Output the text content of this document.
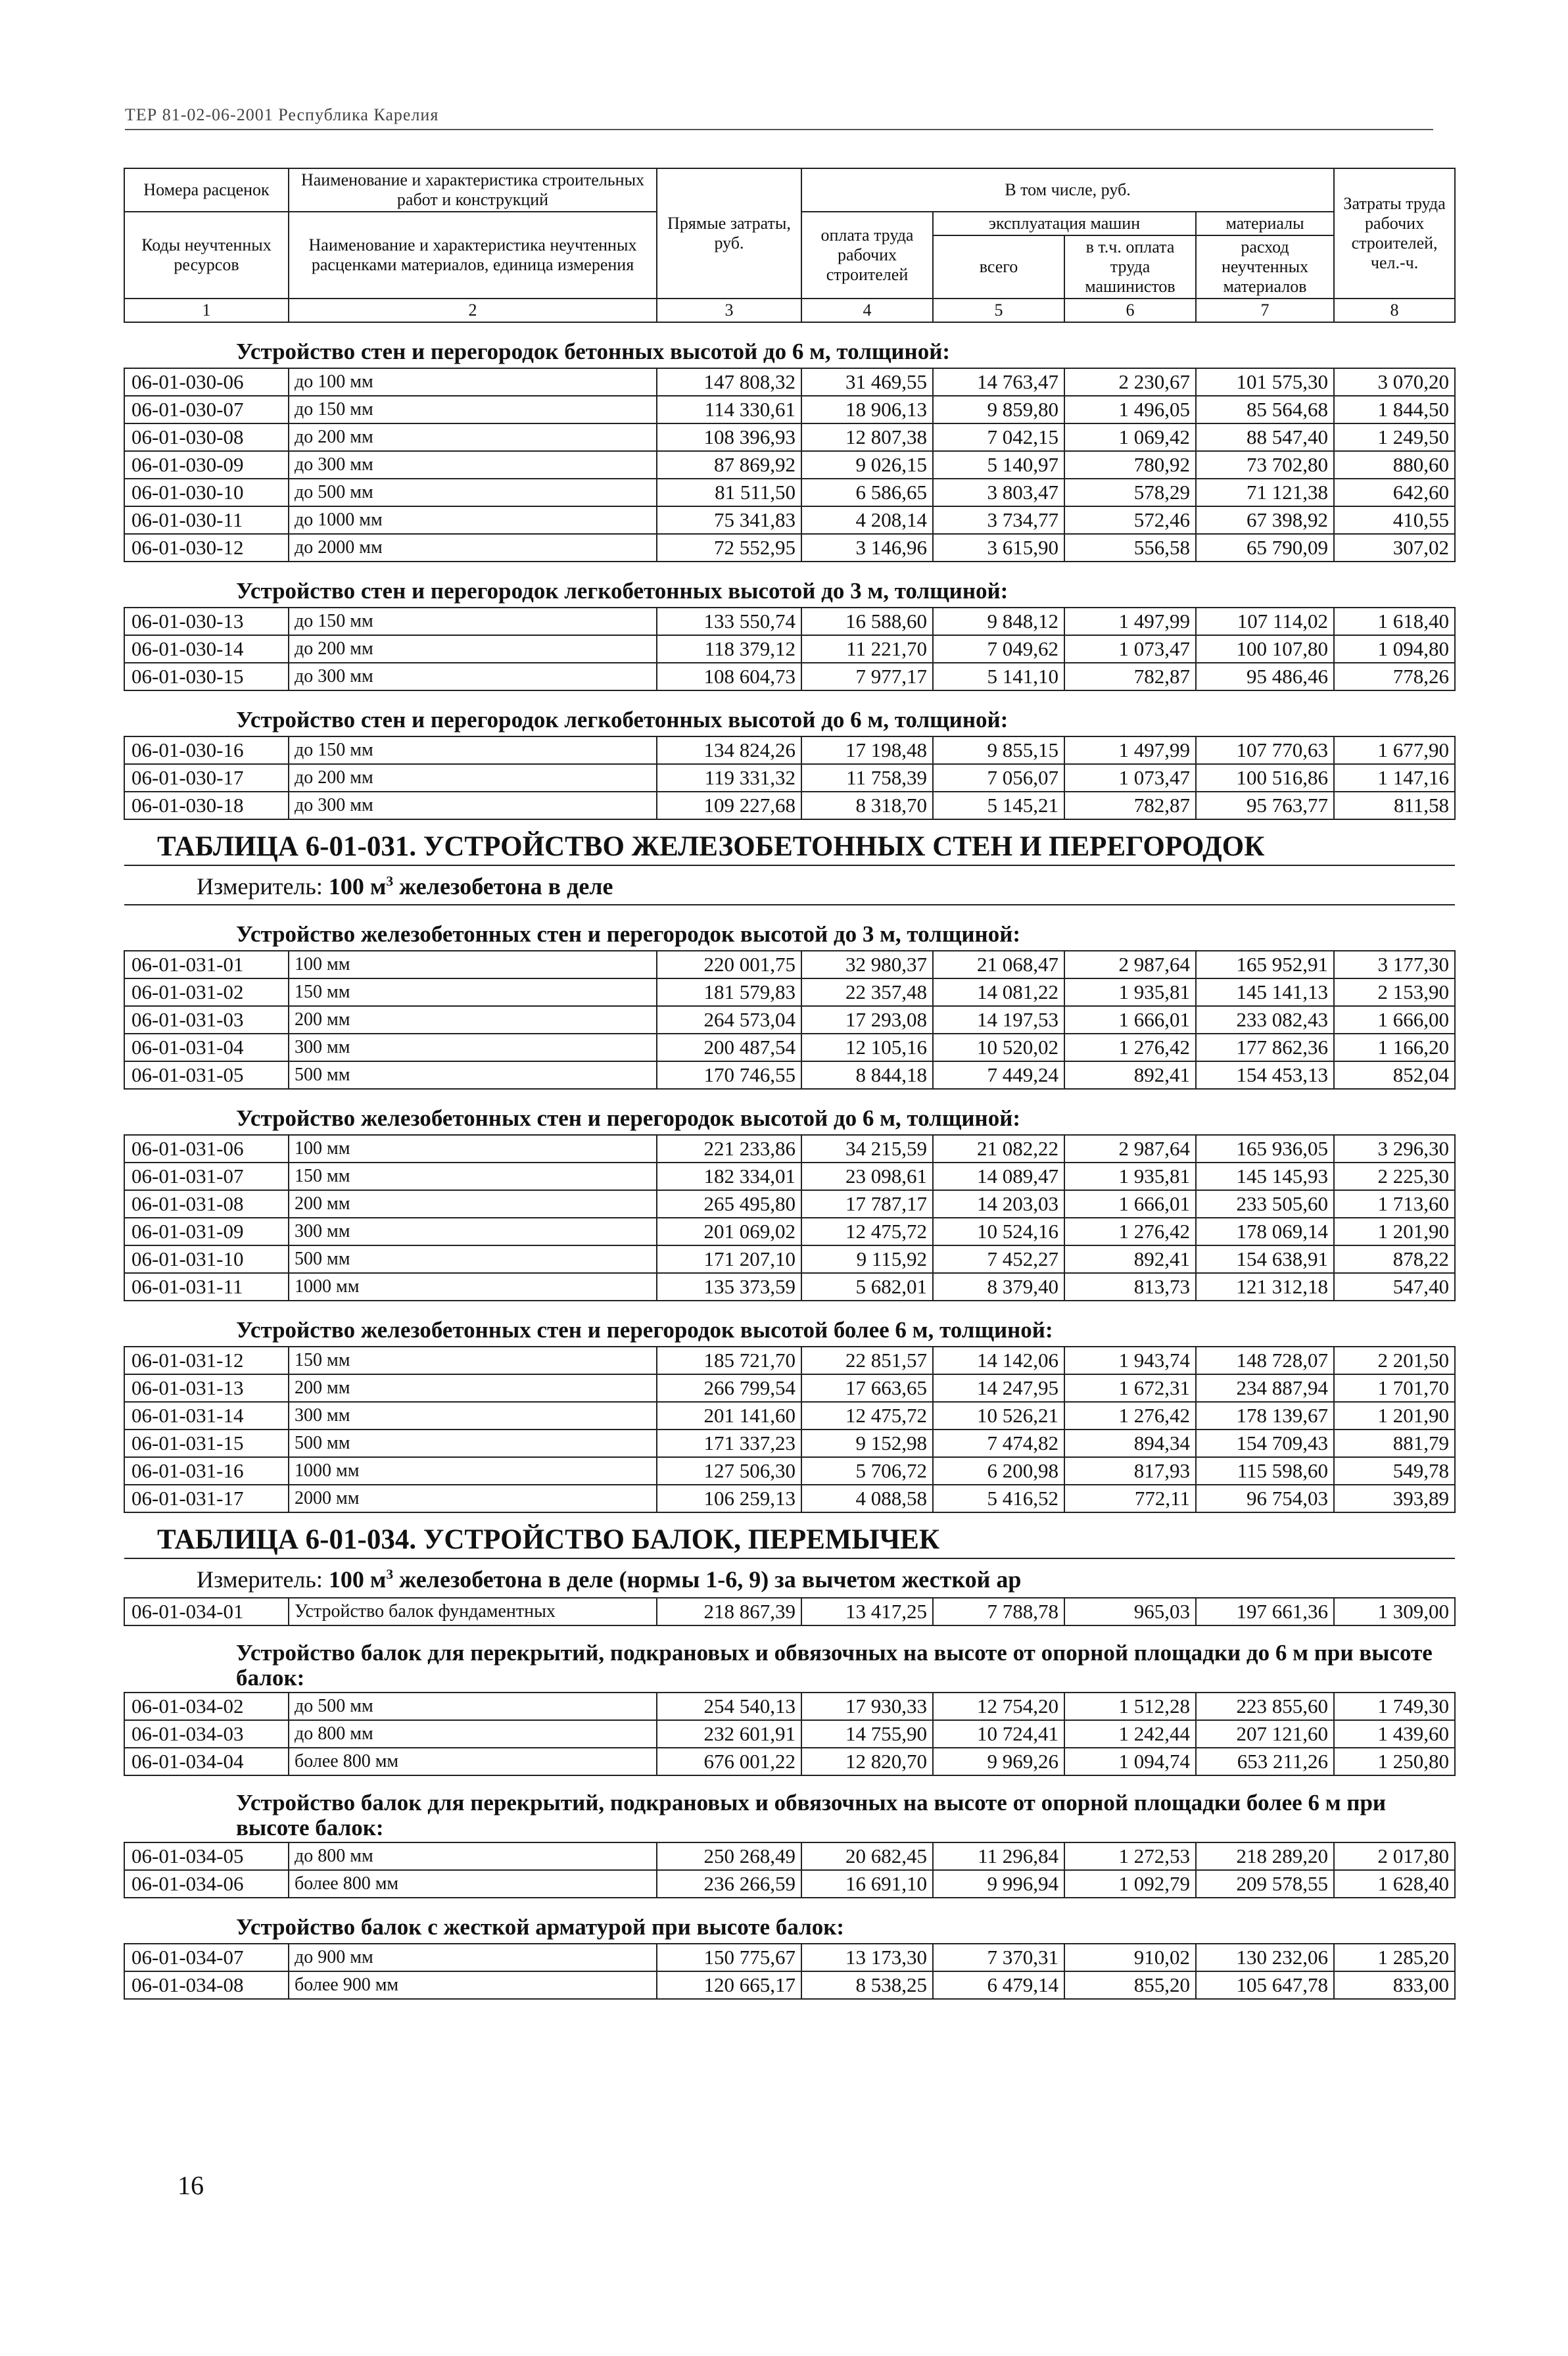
ТЕР 81-02-06-2001 Республика Карелия
Номера расценок	Наименование и характеристика строительных работ и конструкций	Прямые затраты, руб.	В том числе, руб.				Затраты труда рабочих строителей, чел.-ч.
Коды неучтенных ресурсов	Наименование и характеристика неучтенных расценками материалов, единица измерения		оплата труда рабочих строителей	эксплуатация машин		материалы	
				всего	в т.ч. оплата труда машинистов	расход неучтенных материалов	

1	2	3	4	5	6	7	8
Устройство стен и перегородок бетонных высотой до 6 м, толщиной:							
06-01-030-06	до 100 мм	147 808,32	31 469,55	14 763,47	2 230,67	101 575,30	3 070,20
06-01-030-07	до 150 мм	114 330,61	18 906,13	9 859,80	1 496,05	85 564,68	1 844,50
06-01-030-08	до 200 мм	108 396,93	12 807,38	7 042,15	1 069,42	88 547,40	1 249,50
06-01-030-09	до 300 мм	87 869,92	9 026,15	5 140,97	780,92	73 702,80	880,60
06-01-030-10	до 500 мм	81 511,50	6 586,65	3 803,47	578,29	71 121,38	642,60
06-01-030-11	до 1000 мм	75 341,83	4 208,14	3 734,77	572,46	67 398,92	410,55
06-01-030-12	до 2000 мм	72 552,95	3 146,96	3 615,90	556,58	65 790,09	307,02
Устройство стен и перегородок легкобетонных высотой до 3 м, толщиной:							
06-01-030-13	до 150 мм	133 550,74	16 588,60	9 848,12	1 497,99	107 114,02	1 618,40
06-01-030-14	до 200 мм	118 379,12	11 221,70	7 049,62	1 073,47	100 107,80	1 094,80
06-01-030-15	до 300 мм	108 604,73	7 977,17	5 141,10	782,87	95 486,46	778,26
Устройство стен и перегородок легкобетонных высотой до 6 м, толщиной:							
06-01-030-16	до 150 мм	134 824,26	17 198,48	9 855,15	1 497,99	107 770,63	1 677,90
06-01-030-17	до 200 мм	119 331,32	11 758,39	7 056,07	1 073,47	100 516,86	1 147,16
06-01-030-18	до 300 мм	109 227,68	8 318,70	5 145,21	782,87	95 763,77	811,58
ТАБЛИЦА 6-01-031. УСТРОЙСТВО ЖЕЛЕЗОБЕТОННЫХ СТЕН И ПЕРЕГОРОДОК							
Измеритель: 100 $м^3$ железобетона в деле							
Устройство железобетонных стен и перегородок высотой до 3 м, толщиной:							
06-01-031-01	100 мм	220 001,75	32 980,37	21 068,47	2 987,64	165 952,91	3 177,30
06-01-031-02	150 мм	181 579,83	22 357,48	14 081,22	1 935,81	145 141,13	2 153,90
06-01-031-03	200 мм	264 573,04	17 293,08	14 197,53	1 666,01	233 082,43	1 666,00
06-01-031-04	300 мм	200 487,54	12 105,16	10 520,02	1 276,42	177 862,36	1 166,20
06-01-031-05	500 мм	170 746,55	8 844,18	7 449,24	892,41	154 453,13	852,04
Устройство железобетонных стен и перегородок высотой до 6 м, толщиной:							
06-01-031-06	100 мм	221 233,86	34 215,59	21 082,22	2 987,64	165 936,05	3 296,30
06-01-031-07	150 мм	182 334,01	23 098,61	14 089,47	1 935,81	145 145,93	2 225,30
06-01-031-08	200 мм	265 495,80	17 787,17	14 203,03	1 666,01	233 505,60	1 713,60
06-01-031-09	300 мм	201 069,02	12 475,72	10 524,16	1 276,42	178 069,14	1 201,90
06-01-031-10	500 мм	171 207,10	9 115,92	7 452,27	892,41	154 638,91	878,22
06-01-031-11	1000 мм	135 373,59	5 682,01	8 379,40	813,73	121 312,18	547,40
Устройство железобетонных стен и перегородок высотой более 6 м, толщиной:							
06-01-031-12	150 мм	185 721,70	22 851,57	14 142,06	1 943,74	148 728,07	2 201,50
06-01-031-13	200 мм	266 799,54	17 663,65	14 247,95	1 672,31	234 887,94	1 701,70
06-01-031-14	300 мм	201 141,60	12 475,72	10 526,21	1 276,42	178 139,67	1 201,90
06-01-031-15	500 мм	171 337,23	9 152,98	7 474,82	894,34	154 709,43	881,79
06-01-031-16	1000 мм	127 506,30	5 706,72	6 200,98	817,93	115 598,60	549,78
06-01-031-17	2000 мм	106 259,13	4 088,58	5 416,52	772,11	96 754,03	393,89
ТАБЛИЦА 6-01-034. УСТРОЙСТВО БАЛОК, ПЕРЕМЫЧЕК							
Измеритель: 100 $м^3$ железобетона в деле (нормы 1-6, 9) за вычетом жесткой ар							
06-01-034-01	Устройство балок фундаментных	218 867,39	13 417,25	7 788,78	965,03	197 661,36	1 309,00
Устройство балок для перекрытий, подкрановых и обвязочных на высоте от опорной площадки до 6 м при высоте балок:							
06-01-034-02	до 500 мм	254 540,13	17 930,33	12 754,20	1 512,28	223 855,60	1 749,30
06-01-034-03	до 800 мм	232 601,91	14 755,90	10 724,41	1 242,44	207 121,60	1 439,60
06-01-034-04	более 800 мм	676 001,22	12 820,70	9 969,26	1 094,74	653 211,26	1 250,80
Устройство балок для перекрытий, подкрановых и обвязочных на высоте от опорной площадки более 6 м при высоте балок:							
06-01-034-05	до 800 мм	250 268,49	20 682,45	11 296,84	1 272,53	218 289,20	2 017,80
06-01-034-06	более 800 мм	236 266,59	16 691,10	9 996,94	1 092,79	209 578,55	1 628,40
Устройство балок с жесткой арматурой при высоте балок:							
06-01-034-07	до 900 мм	150 775,67	13 173,30	7 370,31	910,02	130 232,06	1 285,20
06-01-034-08	более 900 мм	120 665,17	8 538,25	6 479,14	855,20	105 647,78	833,00
16
